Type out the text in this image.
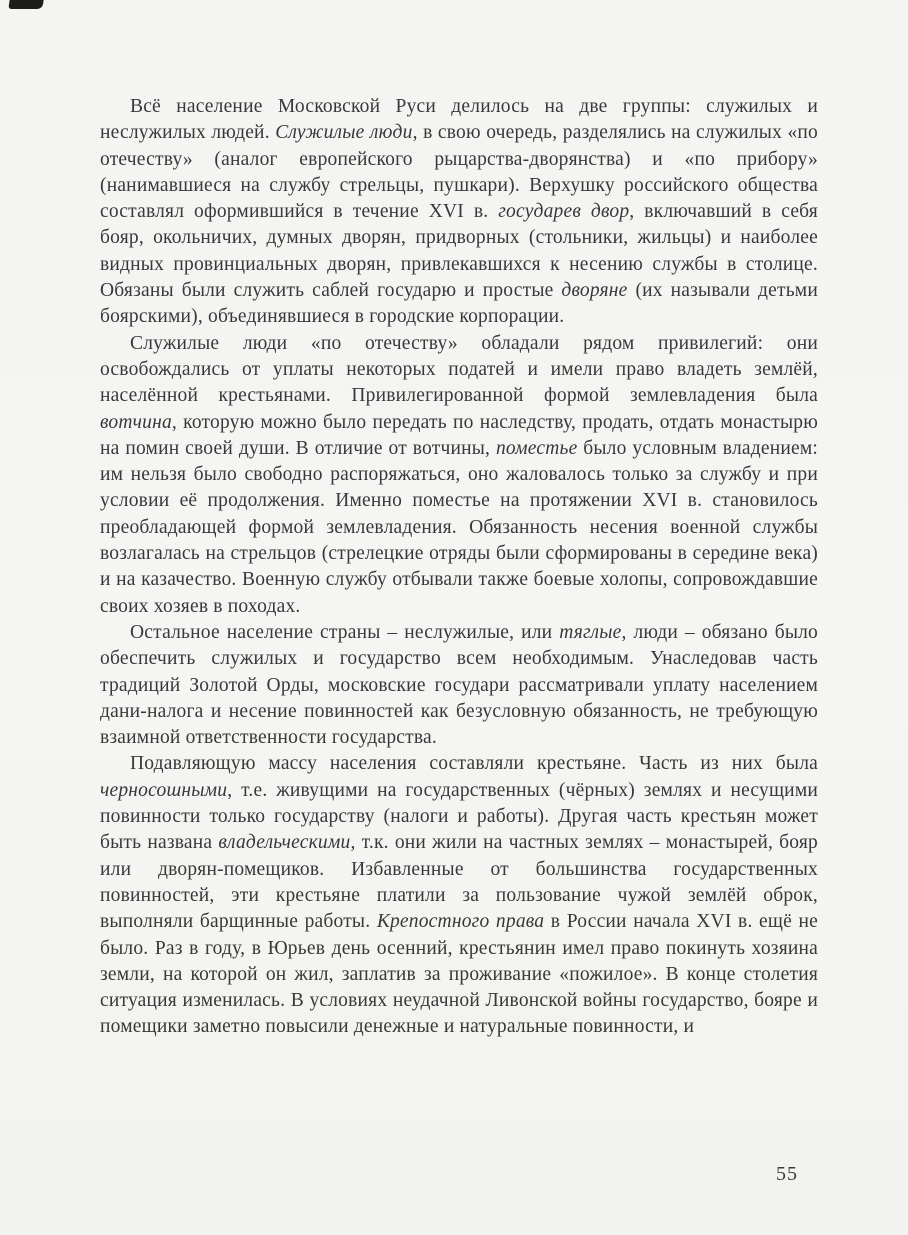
Всё население Московской Руси делилось на две группы: служилых и неслужилых людей. Служилые люди, в свою очередь, разделялись на служилых «по отечеству» (аналог европейского рыцарства-дворянства) и «по прибору» (нанимавшиеся на службу стрельцы, пушкари). Верхушку российского общества составлял оформившийся в течение XVI в. государев двор, включавший в себя бояр, окольничих, думных дворян, придворных (стольники, жильцы) и наиболее видных провинциальных дворян, привлекавшихся к несению службы в столице. Обязаны были служить саблей государю и простые дворяне (их называли детьми боярскими), объединявшиеся в городские корпорации.

Служилые люди «по отечеству» обладали рядом привилегий: они освобождались от уплаты некоторых податей и имели право владеть землёй, населённой крестьянами. Привилегированной формой землевладения была вотчина, которую можно было передать по наследству, продать, отдать монастырю на помин своей души. В отличие от вотчины, поместье было условным владением: им нельзя было свободно распоряжаться, оно жаловалось только за службу и при условии её продолжения. Именно поместье на протяжении XVI в. становилось преобладающей формой землевладения. Обязанность несения военной службы возлагалась на стрельцов (стрелецкие отряды были сформированы в середине века) и на казачество. Военную службу отбывали также боевые холопы, сопровождавшие своих хозяев в походах.

Остальное население страны – неслужилые, или тяглые, люди – обязано было обеспечить служилых и государство всем необходимым. Унаследовав часть традиций Золотой Орды, московские государи рассматривали уплату населением дани-налога и несение повинностей как безусловную обязанность, не требующую взаимной ответственности государства.

Подавляющую массу населения составляли крестьяне. Часть из них была черносошными, т.е. живущими на государственных (чёрных) землях и несущими повинности только государству (налоги и работы). Другая часть крестьян может быть названа владельческими, т.к. они жили на частных землях – монастырей, бояр или дворян-помещиков. Избавленные от большинства государственных повинностей, эти крестьяне платили за пользование чужой землёй оброк, выполняли барщинные работы. Крепостного права в России начала XVI в. ещё не было. Раз в году, в Юрьев день осенний, крестьянин имел право покинуть хозяина земли, на которой он жил, заплатив за проживание «пожилое». В конце столетия ситуация изменилась. В условиях неудачной Ливонской войны государство, бояре и помещики заметно повысили денежные и натуральные повинности, и

55
